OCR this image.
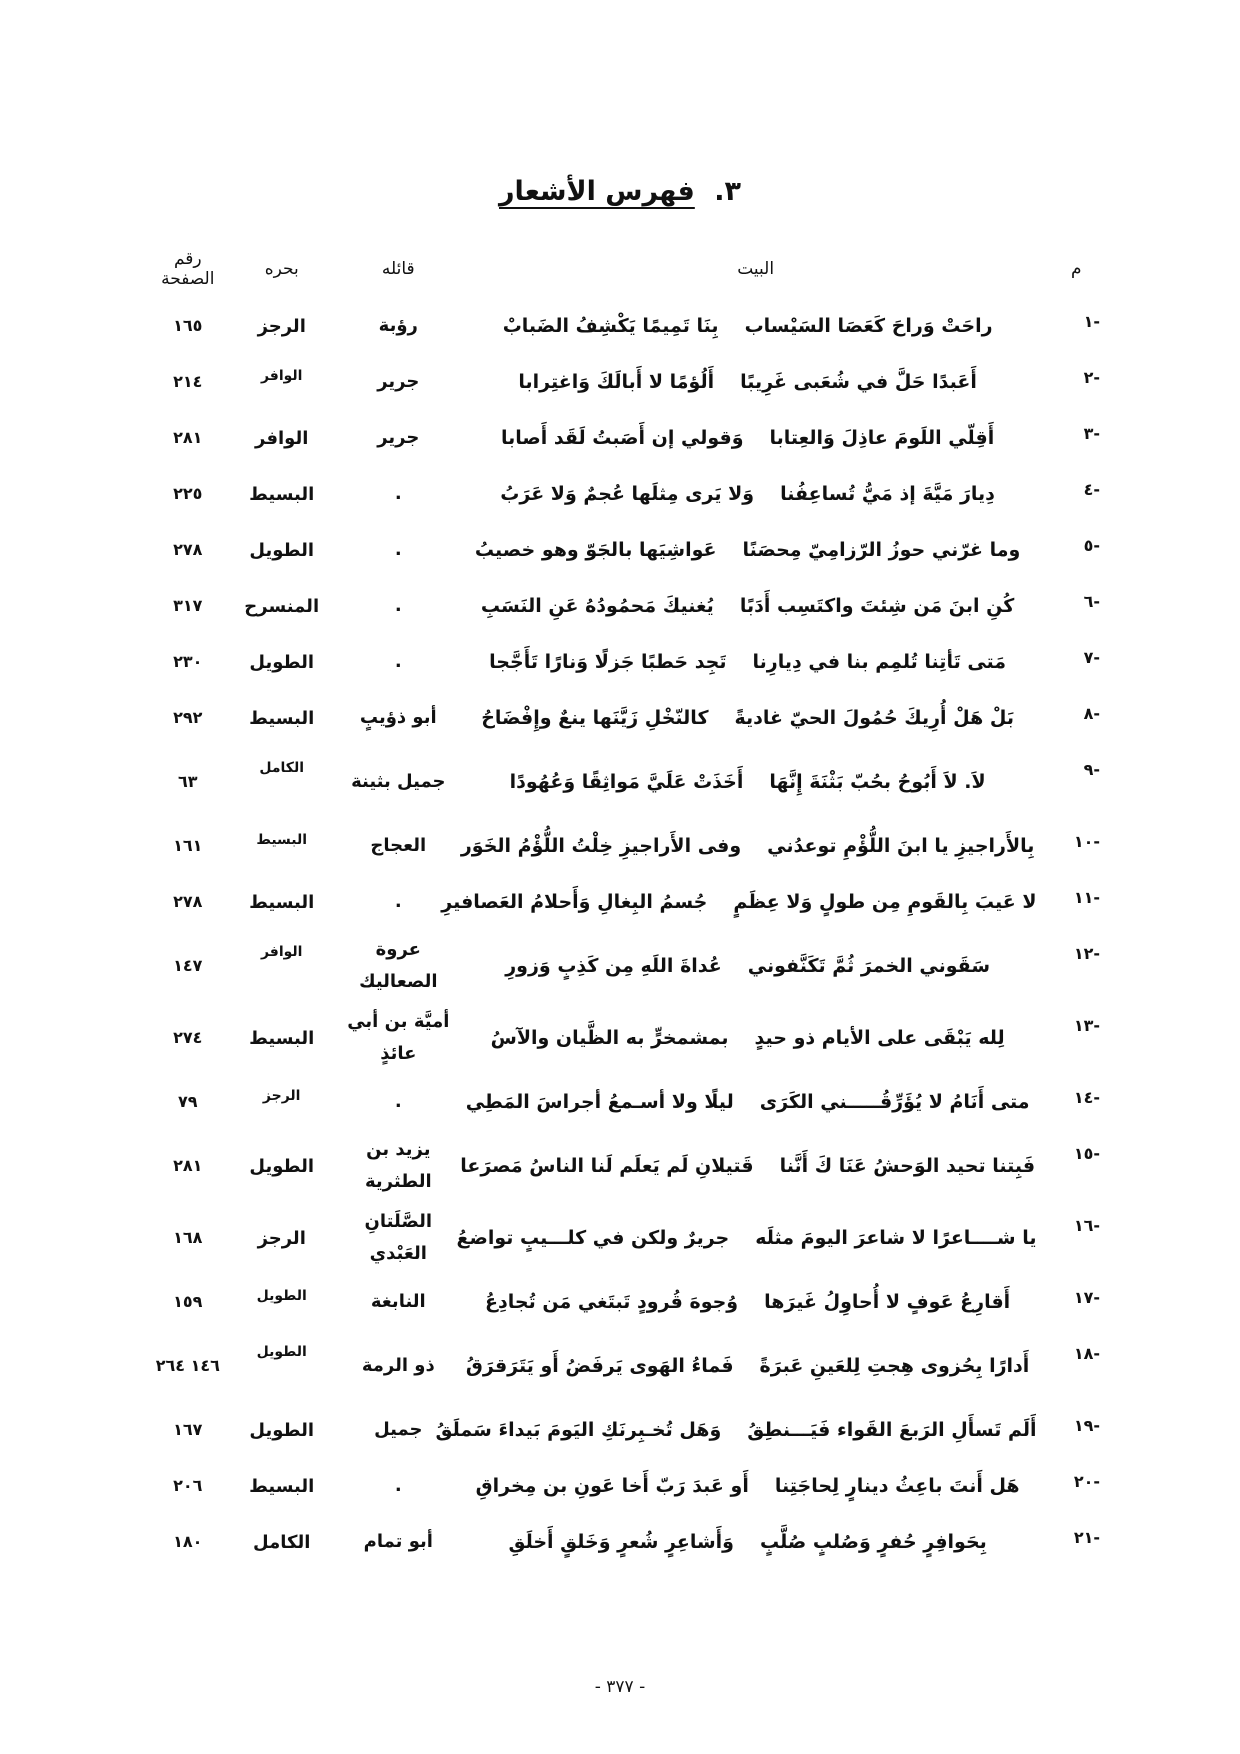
٣. فهرس الأشعار
م	البيت	قائله	بحره	رقم الصفحة
-١	راحَتْ وَراحَ كَعَصَا السَيْساببِنَا تَمِيمًا يَكْشِفُ الضَبابْ	رؤبة	الرجز	١٦٥
-٢	أَعَبدًا حَلَّ في شُعَبى غَرِيبًاأَلُؤمًا لا أَبالَكَ وَاغتِرابا	جرير	الوافر	٢١٤
-٣	أَقِلّي اللَومَ عاذِلَ وَالعِتاباوَقولي إن أَصَبتُ لَقَد أَصابا	جرير	الوافر	٢٨١
-٤	دِيارَ مَيَّةَ إذ مَيُّ تُساعِفُناوَلا يَرى مِثلَها عُجمٌ وَلا عَرَبُ	.	البسيط	٢٢٥
-٥	وما غرّني حوزُ الرّزامِيّ مِحصَنًاعَواشِيَها بالجَوّ وهو خصيبُ	.	الطويل	٢٧٨
-٦	كُنِ ابنَ مَن شِئتَ واكتَسِب أَدَبًايُغنيكَ مَحمُودُهُ عَنِ النَسَبِ	.	المنسرح	٣١٧
-٧	مَتى تَأتِنا تُلمِم بنا في دِيارِناتَجِد حَطبًا جَزلًا وَنارًا تَأَجَّجا	.	الطويل	٢٣٠
-٨	بَلْ هَلْ أُرِيكَ حُمُولَ الحيّ غاديةًكالنّخْلِ زَيَّنَها ينعٌ وإِفْضَاحُ	أبو ذؤيبٍ	البسيط	٢٩٢
-٩	لاَ. لاَ أَبُوحُ بحُبّ بَثْنَةَ إِنَّهَاأَخَذَتْ عَلَيَّ مَواثِقًا وَعُهُودًا	جميل بثينة	الكامل	٦٣
-١٠	بِالأَراجيزِ يا ابنَ اللُّؤْمِ توعدُنيوفى الأَراجيزِ خِلْتُ اللُّؤْمُ الخَوَر	العجاج	البسيط	١٦١
-١١	لا عَيبَ بِالقَومِ مِن طولٍ وَلا عِظَمٍجُسمُ البِغالِ وَأَحلامُ العَصافيرِ	.	البسيط	٢٧٨
-١٢	سَقَوني الخمرَ ثُمَّ تَكَنَّفونيعُداةَ اللَهِ مِن كَذِبٍ وَزورِ	عروة الصعاليك	الوافر	١٤٧
-١٣	لِله يَبْقَى على الأيام ذو حيدٍبمشمخرٍّ به الظَّيان والآسُ	أميَّة بن أبي عائذٍ	البسيط	٢٧٤
-١٤	متى أَنَامُ لا يُؤَرِّقُـــــني الكَرَىليلًا ولا أسـمعُ أجراسَ المَطِي	.	الرجز	٧٩
-١٥	فَبِتنا تحيد الوَحشُ عَنَا كَ أَنَّناقَتيلانِ لَم يَعلَم لَنا الناسُ مَصرَعا	يزيد بن الطثرية	الطويل	٢٨١
-١٦	يا شــــاعرًا لا شاعرَ اليومَ مثلَهجريرٌ ولكن في كلـــيبٍ تواضعُ	الصَّلَتانِ العَبْدي	الرجز	١٦٨
-١٧	أَقارِعُ عَوفٍ لا أُحاوِلُ غَيرَهاوُجوهَ قُرودٍ تَبتَغي مَن تُجادِعُ	النابغة	الطويل	١٥٩
-١٨	أَدارًا بِحُزوى هِجتِ لِلعَينِ عَبرَةًفَماءُ الهَوى يَرفَضُ أَو يَتَرَقرَقُ	ذو الرمة	الطويل	١٤٦ ٢٦٤
-١٩	أَلَم تَسأَلِ الرَبعَ القَواء فَيَـــنطِقُوَهَل تُخـبِرنَكِ اليَومَ بَيداءَ سَملَقُ	جميل	الطويل	١٦٧
-٢٠	هَل أَنتَ باعِثُ دينارٍ لِحاجَتِناأَو عَبدَ رَبّ أَخا عَونِ بن مِخراقِ	.	البسيط	٢٠٦
-٢١	بِحَوافِرٍ حُفرٍ وَصُلبٍ صُلَّبٍوَأَشاعِرٍ شُعرٍ وَخَلقٍ أَخلَقِ	أبو تمام	الكامل	١٨٠
- ٣٧٧ -
